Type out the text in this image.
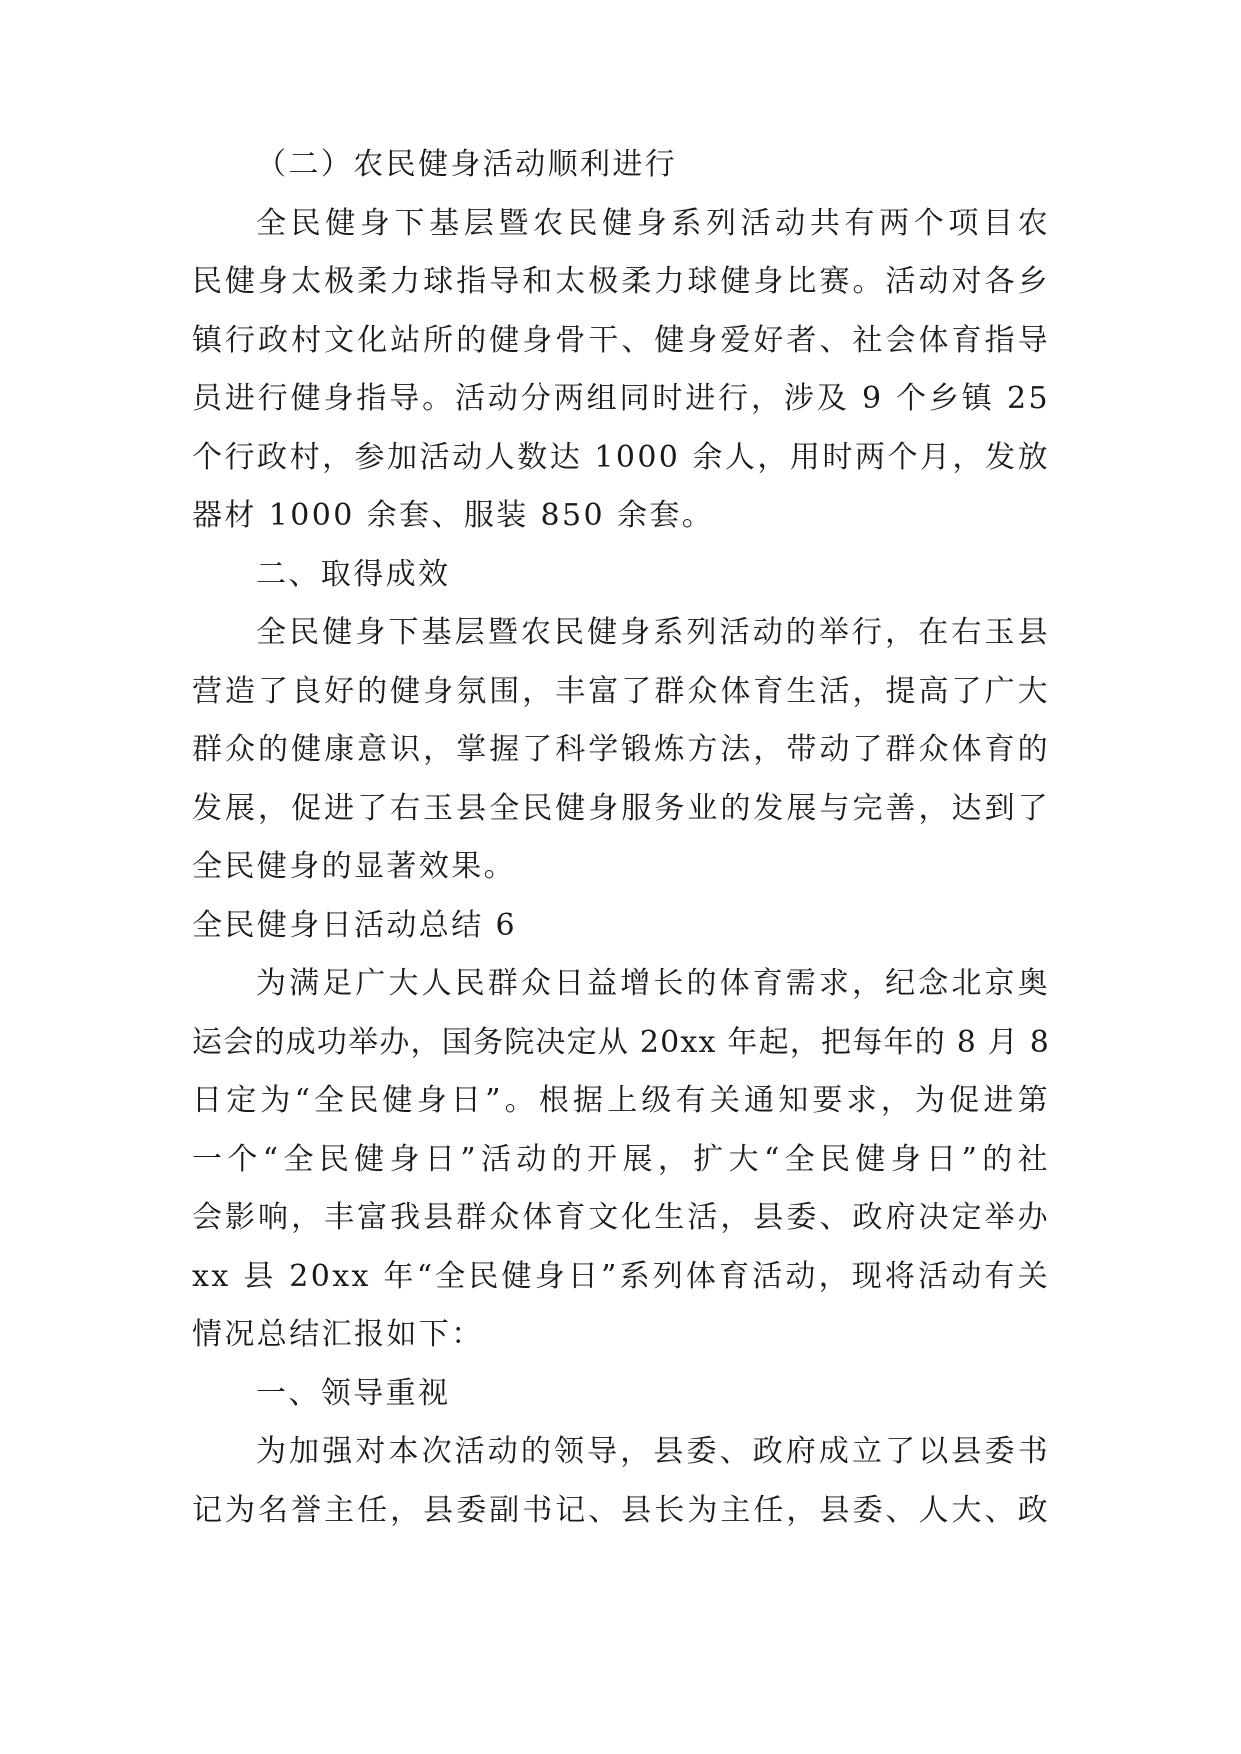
（二）农民健身活动顺利进行
全民健身下基层暨农民健身系列活动共有两个项目农
民健身太极柔力球指导和太极柔力球健身比赛。活动对各乡
镇行政村文化站所的健身骨干、健身爱好者、社会体育指导
员进行健身指导。活动分两组同时进行，涉及 9 个乡镇 25
个行政村，参加活动人数达 1000 余人，用时两个月，发放
器材 1000 余套、服装 850 余套。
二、取得成效
全民健身下基层暨农民健身系列活动的举行，在右玉县
营造了良好的健身氛围，丰富了群众体育生活，提高了广大
群众的健康意识，掌握了科学锻炼方法，带动了群众体育的
发展，促进了右玉县全民健身服务业的发展与完善，达到了
全民健身的显著效果。
全民健身日活动总结 6
为满足广大人民群众日益增长的体育需求，纪念北京奥
运会的成功举办，国务院决定从 20xx 年起，把每年的 8 月 8
日定为“全民健身日”。根据上级有关通知要求，为促进第
一个“全民健身日”活动的开展，扩大“全民健身日”的社
会影响，丰富我县群众体育文化生活，县委、政府决定举办
xx 县 20xx 年“全民健身日”系列体育活动，现将活动有关
情况总结汇报如下：
一、领导重视
为加强对本次活动的领导，县委、政府成立了以县委书
记为名誉主任，县委副书记、县长为主任，县委、人大、政
